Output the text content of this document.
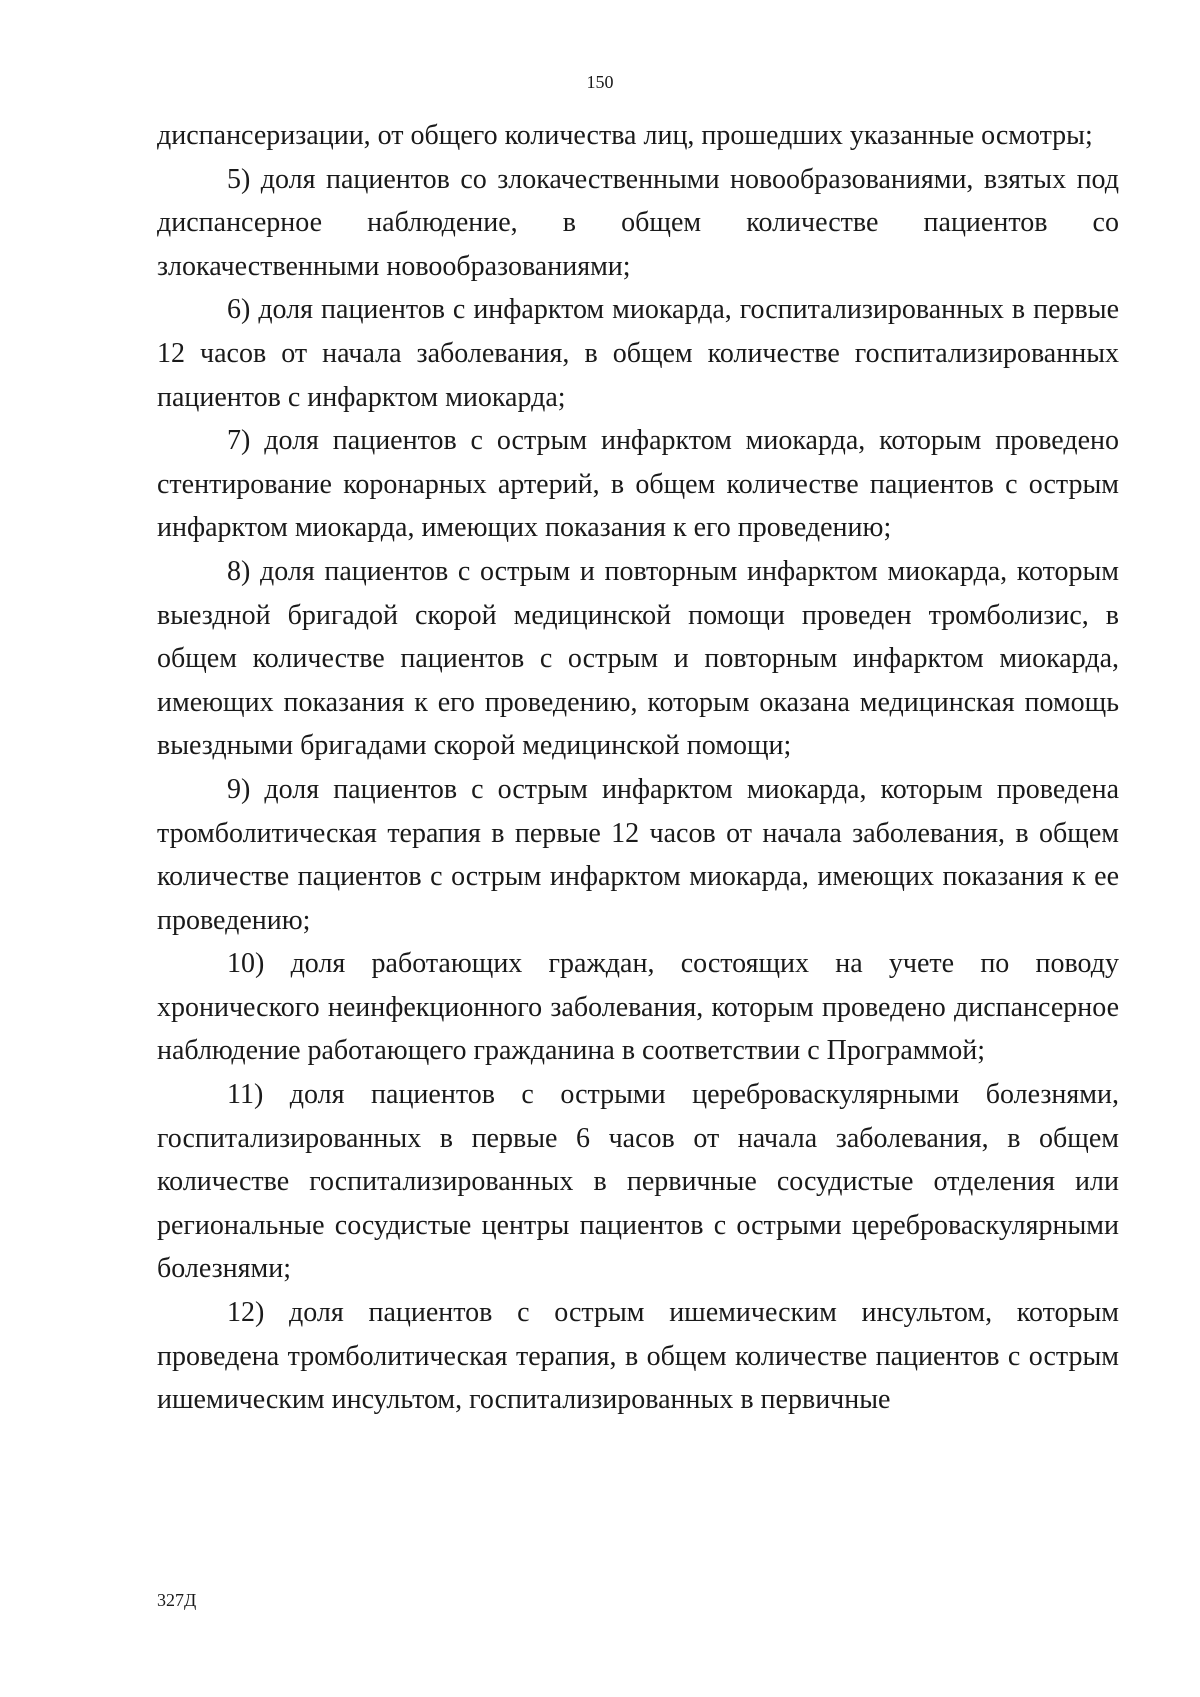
150

диспансеризации, от общего количества лиц, прошедших указанные осмотры;

5) доля пациентов со злокачественными новообразованиями, взятых под диспансерное наблюдение, в общем количестве пациентов со злокачественными новообразованиями;

6) доля пациентов с инфарктом миокарда, госпитализированных в первые 12 часов от начала заболевания, в общем количестве госпитализированных пациентов с инфарктом миокарда;

7) доля пациентов с острым инфарктом миокарда, которым проведено стентирование коронарных артерий, в общем количестве пациентов с острым инфарктом миокарда, имеющих показания к его проведению;

8) доля пациентов с острым и повторным инфарктом миокарда, которым выездной бригадой скорой медицинской помощи проведен тромболизис, в общем количестве пациентов с острым и повторным инфарктом миокарда, имеющих показания к его проведению, которым оказана медицинская помощь выездными бригадами скорой медицинской помощи;

9) доля пациентов с острым инфарктом миокарда, которым проведена тромболитическая терапия в первые 12 часов от начала заболевания, в общем количестве пациентов с острым инфарктом миокарда, имеющих показания к ее проведению;

10) доля работающих граждан, состоящих на учете по поводу хронического неинфекционного заболевания, которым проведено диспансерное наблюдение работающего гражданина в соответствии с Программой;

11) доля пациентов с острыми цереброваскулярными болезнями, госпитализированных в первые 6 часов от начала заболевания, в общем количестве госпитализированных в первичные сосудистые отделения или региональные сосудистые центры пациентов с острыми цереброваскулярными болезнями;

12) доля пациентов с острым ишемическим инсультом, которым проведена тромболитическая терапия, в общем количестве пациентов с острым ишемическим инсультом, госпитализированных в первичные

327Д
